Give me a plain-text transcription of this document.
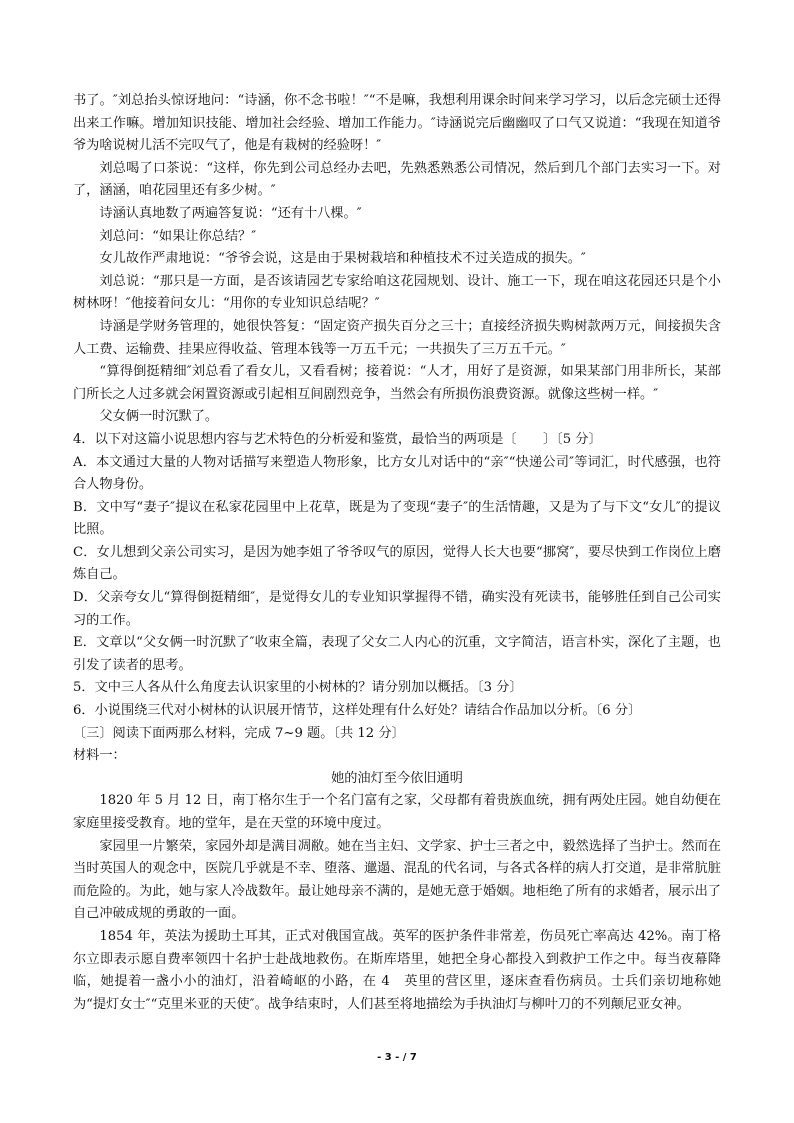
书了。″刘总抬头惊讶地问：“诗涵，你不念书啦！″“不是嘛，我想利用课余时间来学习学习，以后念完硕士还得出来工作嘛。增加知识技能、增加社会经验、增加工作能力。″诗涵说完后幽幽叹了口气又说道：“我现在知道爷爷为啥说树儿活不完叹气了，他是有栽树的经验呀！″

刘总喝了口茶说：“这样，你先到公司总经办去吧，先熟悉熟悉公司情况，然后到几个部门去实习一下。对了，涵涵，咱花园里还有多少树。″

诗涵认真地数了两遍答复说：“还有十八棵。″

刘总问：“如果让你总结？″

女儿故作严肃地说：“爷爷会说，这是由于果树栽培和种植技术不过关造成的损失。″

刘总说：“那只是一方面，是否该请园艺专家给咱这花园规划、设计、施工一下，现在咱这花园还只是个小树林呀！″他接着问女儿：“用你的专业知识总结呢？″

诗涵是学财务管理的，她很快答复：“固定资产损失百分之三十；直接经济损失购树款两万元，间接损失含人工费、运输费、挂果应得收益、管理本钱等一万五千元；一共损失了三万五千元。″

“算得倒挺精细″刘总看了看女儿，又看看树；接着说：“人才，用好了是资源，如果某部门用非所长，某部门所长之人过多就会闲置资源或引起相互间剧烈竞争，当然会有所损伤浪费资源。就像这些树一样。″

父女俩一时沉默了。

4．以下对这篇小说思想内容与艺术特色的分析爱和鉴赏，最恰当的两项是〔　　〕〔5 分〕

A．本文通过大量的人物对话描写来塑造人物形象，比方女儿对话中的“亲″“快递公司″等词汇，时代感强，也符合人物身份。

B．文中写“妻子″提议在私家花园里中上花草，既是为了变现“妻子″的生活情趣，又是为了与下文“女儿″的提议比照。

C．女儿想到父亲公司实习，是因为她李姐了爷爷叹气的原因，觉得人长大也要“挪窝″，要尽快到工作岗位上磨炼自己。

D．父亲夸女儿“算得倒挺精细″，是觉得女儿的专业知识掌握得不错，确实没有死读书，能够胜任到自己公司实习的工作。

E．文章以“父女俩一时沉默了″收束全篇，表现了父女二人内心的沉重，文字简洁，语言朴实，深化了主题，也引发了读者的思考。

5．文中三人各从什么角度去认识家里的小树林的？请分别加以概括。〔3 分〕

6．小说围绕三代对小树林的认识展开情节，这样处理有什么好处？请结合作品加以分析。〔6 分〕

〔三〕阅读下面两那么材料，完成 7~9 题。〔共 12 分〕

材料一：

她的油灯至今依旧通明

1820 年 5 月 12 日，南丁格尔生于一个名门富有之家，父母都有着贵族血统，拥有两处庄园。她自幼便在家庭里接受教育。地的堂年，是在天堂的环境中度过。

家园里一片繁荣，家园外却是满目凋敝。她在当主妇、文学家、护士三者之中，毅然选择了当护士。然而在当时英国人的观念中，医院几乎就是不幸、堕落、邋遢、混乱的代名词，与各式各样的病人打交道，是非常肮脏而危险的。为此，她与家人冷战数年。最让她母亲不满的，是她无意于婚姻。地柜绝了所有的求婚者，展示出了自己冲破成规的勇敢的一面。

1854 年，英法为援助土耳其，正式对俄国宣战。英军的医护条件非常差，伤员死亡率高达 42%。南丁格尔立即表示愿自费率领四十名护士赴战地救伤。在斯库塔里，她把全身心都投入到救护工作之中。每当夜幕降临，她提着一盏小小的油灯，沿着崎岖的小路，在 4　英里的营区里，逐床查看伤病员。士兵们亲切地称她为“提灯女士″“克里米亚的天使″。战争结束时，人们甚至将地描绘为手执油灯与柳叶刀的不列颠尼亚女神。

- 3 - / 7
